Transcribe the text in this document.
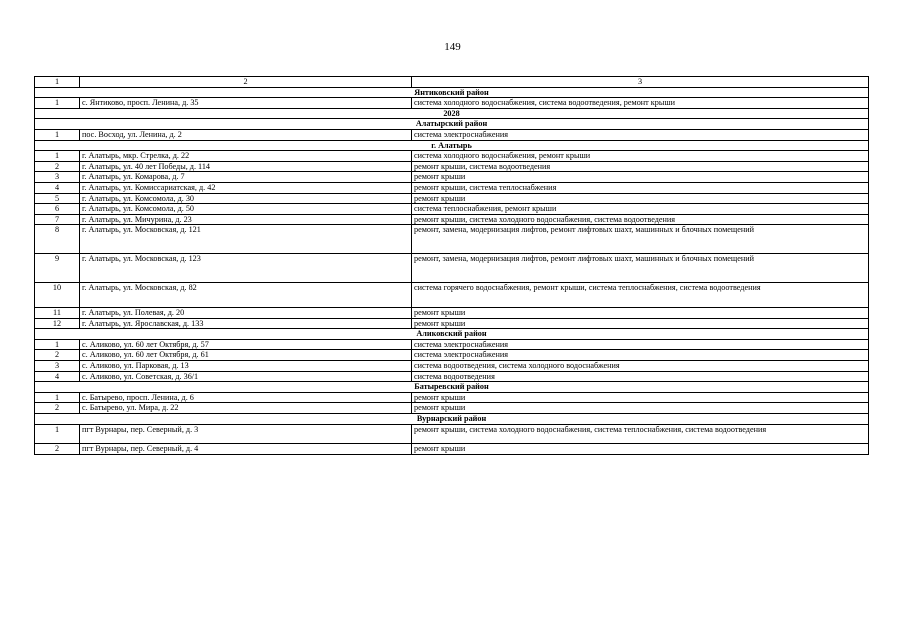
149
1	2	3
Янтиковский район		
1	с. Янтиково, просп. Ленина, д. 35	система холодного водоснабжения, система водоотведения, ремонт крыши
2028		
Алатырский район		
1	пос. Восход, ул. Ленина, д. 2	система электроснабжения
г. Алатырь		
1	г. Алатырь, мкр. Стрелка, д. 22	система холодного водоснабжения, ремонт крыши
2	г. Алатырь, ул. 40 лет Победы, д. 114	ремонт крыши, система водоотведения
3	г. Алатырь, ул. Комарова, д. 7	ремонт крыши
4	г. Алатырь, ул. Комиссариатская, д. 42	ремонт крыши, система теплоснабжения
5	г. Алатырь, ул. Комсомола, д. 30	ремонт крыши
6	г. Алатырь, ул. Комсомола, д. 50	система теплоснабжения, ремонт крыши
7	г. Алатырь, ул. Мичурина, д. 23	ремонт крыши, система холодного водоснабжения, система водоотведения
8	г. Алатырь, ул. Московская, д. 121	ремонт, замена, модернизация лифтов, ремонт лифтовых шахт, машинных и блочных помещений
9	г. Алатырь, ул. Московская, д. 123	ремонт, замена, модернизация лифтов, ремонт лифтовых шахт, машинных и блочных помещений
10	г. Алатырь, ул. Московская, д. 82	система горячего водоснабжения, ремонт крыши, система теплоснабжения, система водоотведения
11	г. Алатырь, ул. Полевая, д. 20	ремонт крыши
12	г. Алатырь, ул. Ярославская, д. 133	ремонт крыши
Аликовский район		
1	с. Аликово, ул. 60 лет Октября, д. 57	система электроснабжения
2	с. Аликово, ул. 60 лет Октября, д. 61	система электроснабжения
3	с. Аликово, ул. Парковая, д. 13	система водоотведения, система холодного водоснабжения
4	с. Аликово, ул. Советская, д. 36/1	система водоотведения
Батыревский район		
1	с. Батырево, просп. Ленина, д. 6	ремонт крыши
2	с. Батырево, ул. Мира, д. 22	ремонт крыши
Вурнарский район		
1	пгт Вурнары, пер. Северный, д. 3	ремонт крыши, система холодного водоснабжения, система теплоснабжения, система водоотведения
2	пгт Вурнары, пер. Северный, д. 4	ремонт крыши
